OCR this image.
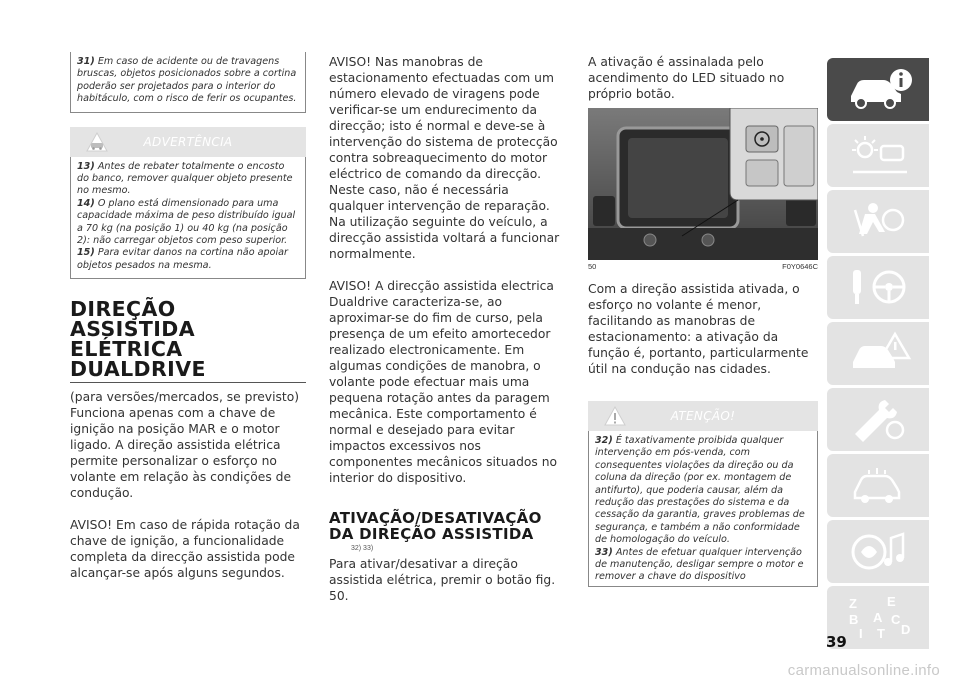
31) Em caso de acidente ou de travagens bruscas, objetos posicionados sobre a cortina poderão ser projetados para o interior do habitáculo, com o risco de ferir os ocupantes.

ADVERTÊNCIA

13) Antes de rebater totalmente o encosto do banco, remover qualquer objeto presente no mesmo.

14) O plano está dimensionado para uma capacidade máxima de peso distribuído igual a 70 kg (na posição 1) ou 40 kg (na posição 2): não carregar objetos com peso superior.

15) Para evitar danos na cortina não apoiar objetos pesados na mesma.

DIREÇÃO ASSISTIDA
ELÉTRICA
DUALDRIVE

(para versões/mercados, se previsto) Funciona apenas com a chave de ignição na posição MAR e o motor ligado. A direção assistida elétrica permite personalizar o esforço no volante em relação às condições de condução.

AVISO! Em caso de rápida rotação da chave de ignição, a funcionalidade completa da direcção assistida pode alcançar-se após alguns segundos.

AVISO! Nas manobras de estacionamento efectuadas com um número elevado de viragens pode verificar-se um endurecimento da direcção; isto é normal e deve-se à intervenção do sistema de protecção contra sobreaquecimento do motor eléctrico de comando da direcção. Neste caso, não é necessária qualquer intervenção de reparação. Na utilização seguinte do veículo, a direcção assistida voltará a funcionar normalmente.

AVISO! A direcção assistida electrica Dualdrive caracteriza-se, ao aproximar-se do fim de curso, pela presença de um efeito amortecedor realizado electronicamente. Em algumas condições de manobra, o volante pode efectuar mais uma pequena rotação antes da paragem mecânica. Este comportamento é normal e desejado para evitar impactos excessivos nos componentes mecânicos situados no interior do dispositivo.

ATIVAÇÃO/DESATIVAÇÃO
DA DIREÇÃO ASSISTIDA
32) 33)

Para ativar/desativar a direção assistida elétrica, premir o botão fig. 50.

A ativação é assinalada pelo acendimento do LED situado no próprio botão.

50	F0Y0646C

Com a direção assistida ativada, o esforço no volante é menor, facilitando as manobras de estacionamento: a ativação da função é, portanto, particularmente útil na condução nas cidades.

ATENÇÃO!

32) É taxativamente proibida qualquer intervenção em pós-venda, com consequentes violações da direção ou da coluna da direção (por ex. montagem de antifurto), que poderia causar, além da redução das prestações do sistema e da cessação da garantia, graves problemas de segurança, e também a não conformidade de homologação do veículo.

33) Antes de efetuar qualquer intervenção de manutenção, desligar sempre o motor e remover a chave do dispositivo

Z E
A
B	C
D
I T
39
carmanualsonline.info
